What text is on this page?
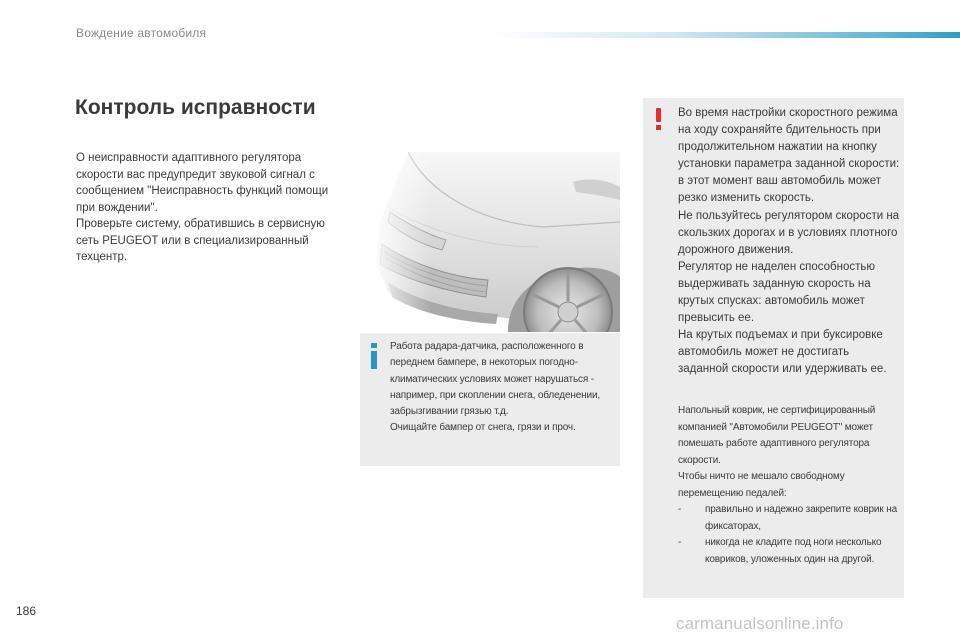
Вождение автомобиля
Контроль исправности

О неисправности адаптивного регулятора скорости вас предупредит звуковой сигнал с сообщением "Неисправность функций помощи при вождении".

Проверьте систему, обратившись в сервисную сеть PEUGEOT или в специализированный техцентр.

Работа радара-датчика, расположенного в переднем бампере, в некоторых погодно-климатических условиях может нарушаться - например, при скоплении снега, обледенении, забрызгивании грязью т.д.

Очищайте бампер от снега, грязи и проч.

Во время настройки скоростного режима на ходу сохраняйте бдительность при продолжительном нажатии на кнопку установки параметра заданной скорости: в этот момент ваш автомобиль может резко изменить скорость.

Не пользуйтесь регулятором скорости на скользких дорогах и в условиях плотного дорожного движения.

Регулятор не наделен способностью выдерживать заданную скорость на крутых спусках: автомобиль может превысить ее.

На крутых подъемах и при буксировке автомобиль может не достигать заданной скорости или удерживать ее.

Напольный коврик, не сертифицированный компанией "Автомобили PEUGEOT" может помешать работе адаптивного регулятора скорости.

Чтобы ничто не мешало свободному перемещению педалей:

- правильно и надежно закрепите коврик на фиксаторах,
- никогда не кладите под ноги несколько ковриков, уложенных один на другой.
186
carmanualsonline.info
